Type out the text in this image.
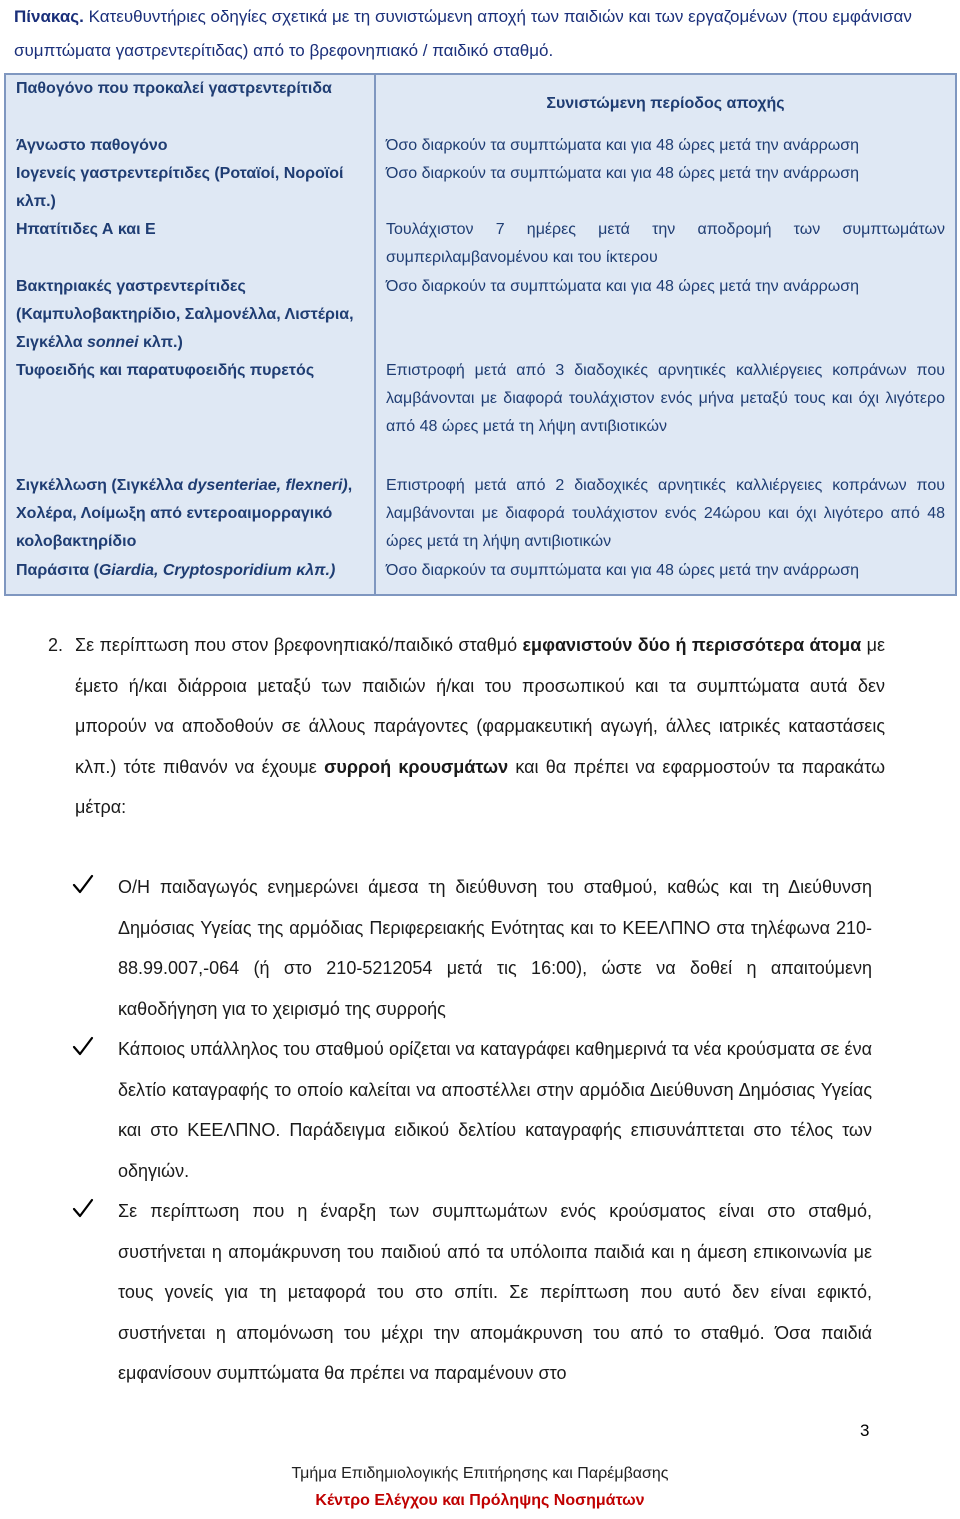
Πίνακας. Κατευθυντήριες οδηγίες σχετικά με τη συνιστώμενη αποχή των παιδιών και των εργαζομένων (που εμφάνισαν συμπτώματα γαστρεντερίτιδας) από το βρεφονηπιακό / παιδικό σταθμό.
Παθογόνο που προκαλεί γαστρεντερίτιδα	Συνιστώμενη περίοδος αποχής
Άγνωστο παθογόνο	Όσο διαρκούν τα συμπτώματα και για 48 ώρες μετά την ανάρρωση
Ιογενείς γαστρεντερίτιδες (Ροταϊοί, Νοροϊοί κλπ.)	Όσο διαρκούν τα συμπτώματα και για 48 ώρες μετά την ανάρρωση
Ηπατίτιδες Α και Ε	Τουλάχιστον 7 ημέρες μετά την αποδρομή των συμπτωμάτων συμπεριλαμβανομένου και του ίκτερου
Βακτηριακές γαστρεντερίτιδες (Καμπυλοβακτηρίδιο, Σαλμονέλλα, Λιστέρια, Σιγκέλλα sonnei κλπ.)	Όσο διαρκούν τα συμπτώματα και για 48 ώρες μετά την ανάρρωση
Τυφοειδής και παρατυφοειδής πυρετός	Επιστροφή μετά από 3 διαδοχικές αρνητικές καλλιέργειες κοπράνων που λαμβάνονται με διαφορά τουλάχιστον ενός μήνα μεταξύ τους και όχι λιγότερο από 48 ώρες μετά τη λήψη αντιβιοτικών
Σιγκέλλωση (Σιγκέλλα dysenteriae, flexneri), Χολέρα, Λοίμωξη από εντεροαιμορραγικό κολοβακτηρίδιο	Επιστροφή μετά από 2 διαδοχικές αρνητικές καλλιέργειες κοπράνων που λαμβάνονται με διαφορά τουλάχιστον ενός 24ώρου και όχι λιγότερο από 48 ώρες μετά τη λήψη αντιβιοτικών
Παράσιτα (Giardia, Cryptosporidium κλπ.)	Όσο διαρκούν τα συμπτώματα και για 48 ώρες μετά την ανάρρωση
2. Σε περίπτωση που στον βρεφονηπιακό/παιδικό σταθμό εμφανιστούν δύο ή περισσότερα άτομα με έμετο ή/και διάρροια μεταξύ των παιδιών ή/και του προσωπικού και τα συμπτώματα αυτά δεν μπορούν να αποδοθούν σε άλλους παράγοντες (φαρμακευτική αγωγή, άλλες ιατρικές καταστάσεις κλπ.) τότε πιθανόν να έχουμε συρροή κρουσμάτων και θα πρέπει να εφαρμοστούν τα παρακάτω μέτρα:

Ο/Η παιδαγωγός ενημερώνει άμεσα τη διεύθυνση του σταθμού, καθώς και τη Διεύθυνση Δημόσιας Υγείας της αρμόδιας Περιφερειακής Ενότητας και το ΚΕΕΛΠΝΟ στα τηλέφωνα 210-88.99.007,-064 (ή στο 210-5212054 μετά τις 16:00), ώστε να δοθεί η απαιτούμενη καθοδήγηση για το χειρισμό της συρροής
Κάποιος υπάλληλος του σταθμού ορίζεται να καταγράφει καθημερινά τα νέα κρούσματα σε ένα δελτίο καταγραφής το οποίο καλείται να αποστέλλει στην αρμόδια Διεύθυνση Δημόσιας Υγείας και στο ΚΕΕΛΠΝΟ. Παράδειγμα ειδικού δελτίου καταγραφής επισυνάπτεται στο τέλος των οδηγιών.
Σε περίπτωση που η έναρξη των συμπτωμάτων ενός κρούσματος είναι στο σταθμό, συστήνεται η απομάκρυνση του παιδιού από τα υπόλοιπα παιδιά και η άμεση επικοινωνία με τους γονείς για τη μεταφορά του στο σπίτι. Σε περίπτωση που αυτό δεν είναι εφικτό, συστήνεται η απομόνωση του μέχρι την απομάκρυνση του από το σταθμό. Όσα παιδιά εμφανίσουν συμπτώματα θα πρέπει να παραμένουν στο
3
Τμήμα Επιδημιολογικής Επιτήρησης και Παρέμβασης
Κέντρο Ελέγχου και Πρόληψης Νοσημάτων
